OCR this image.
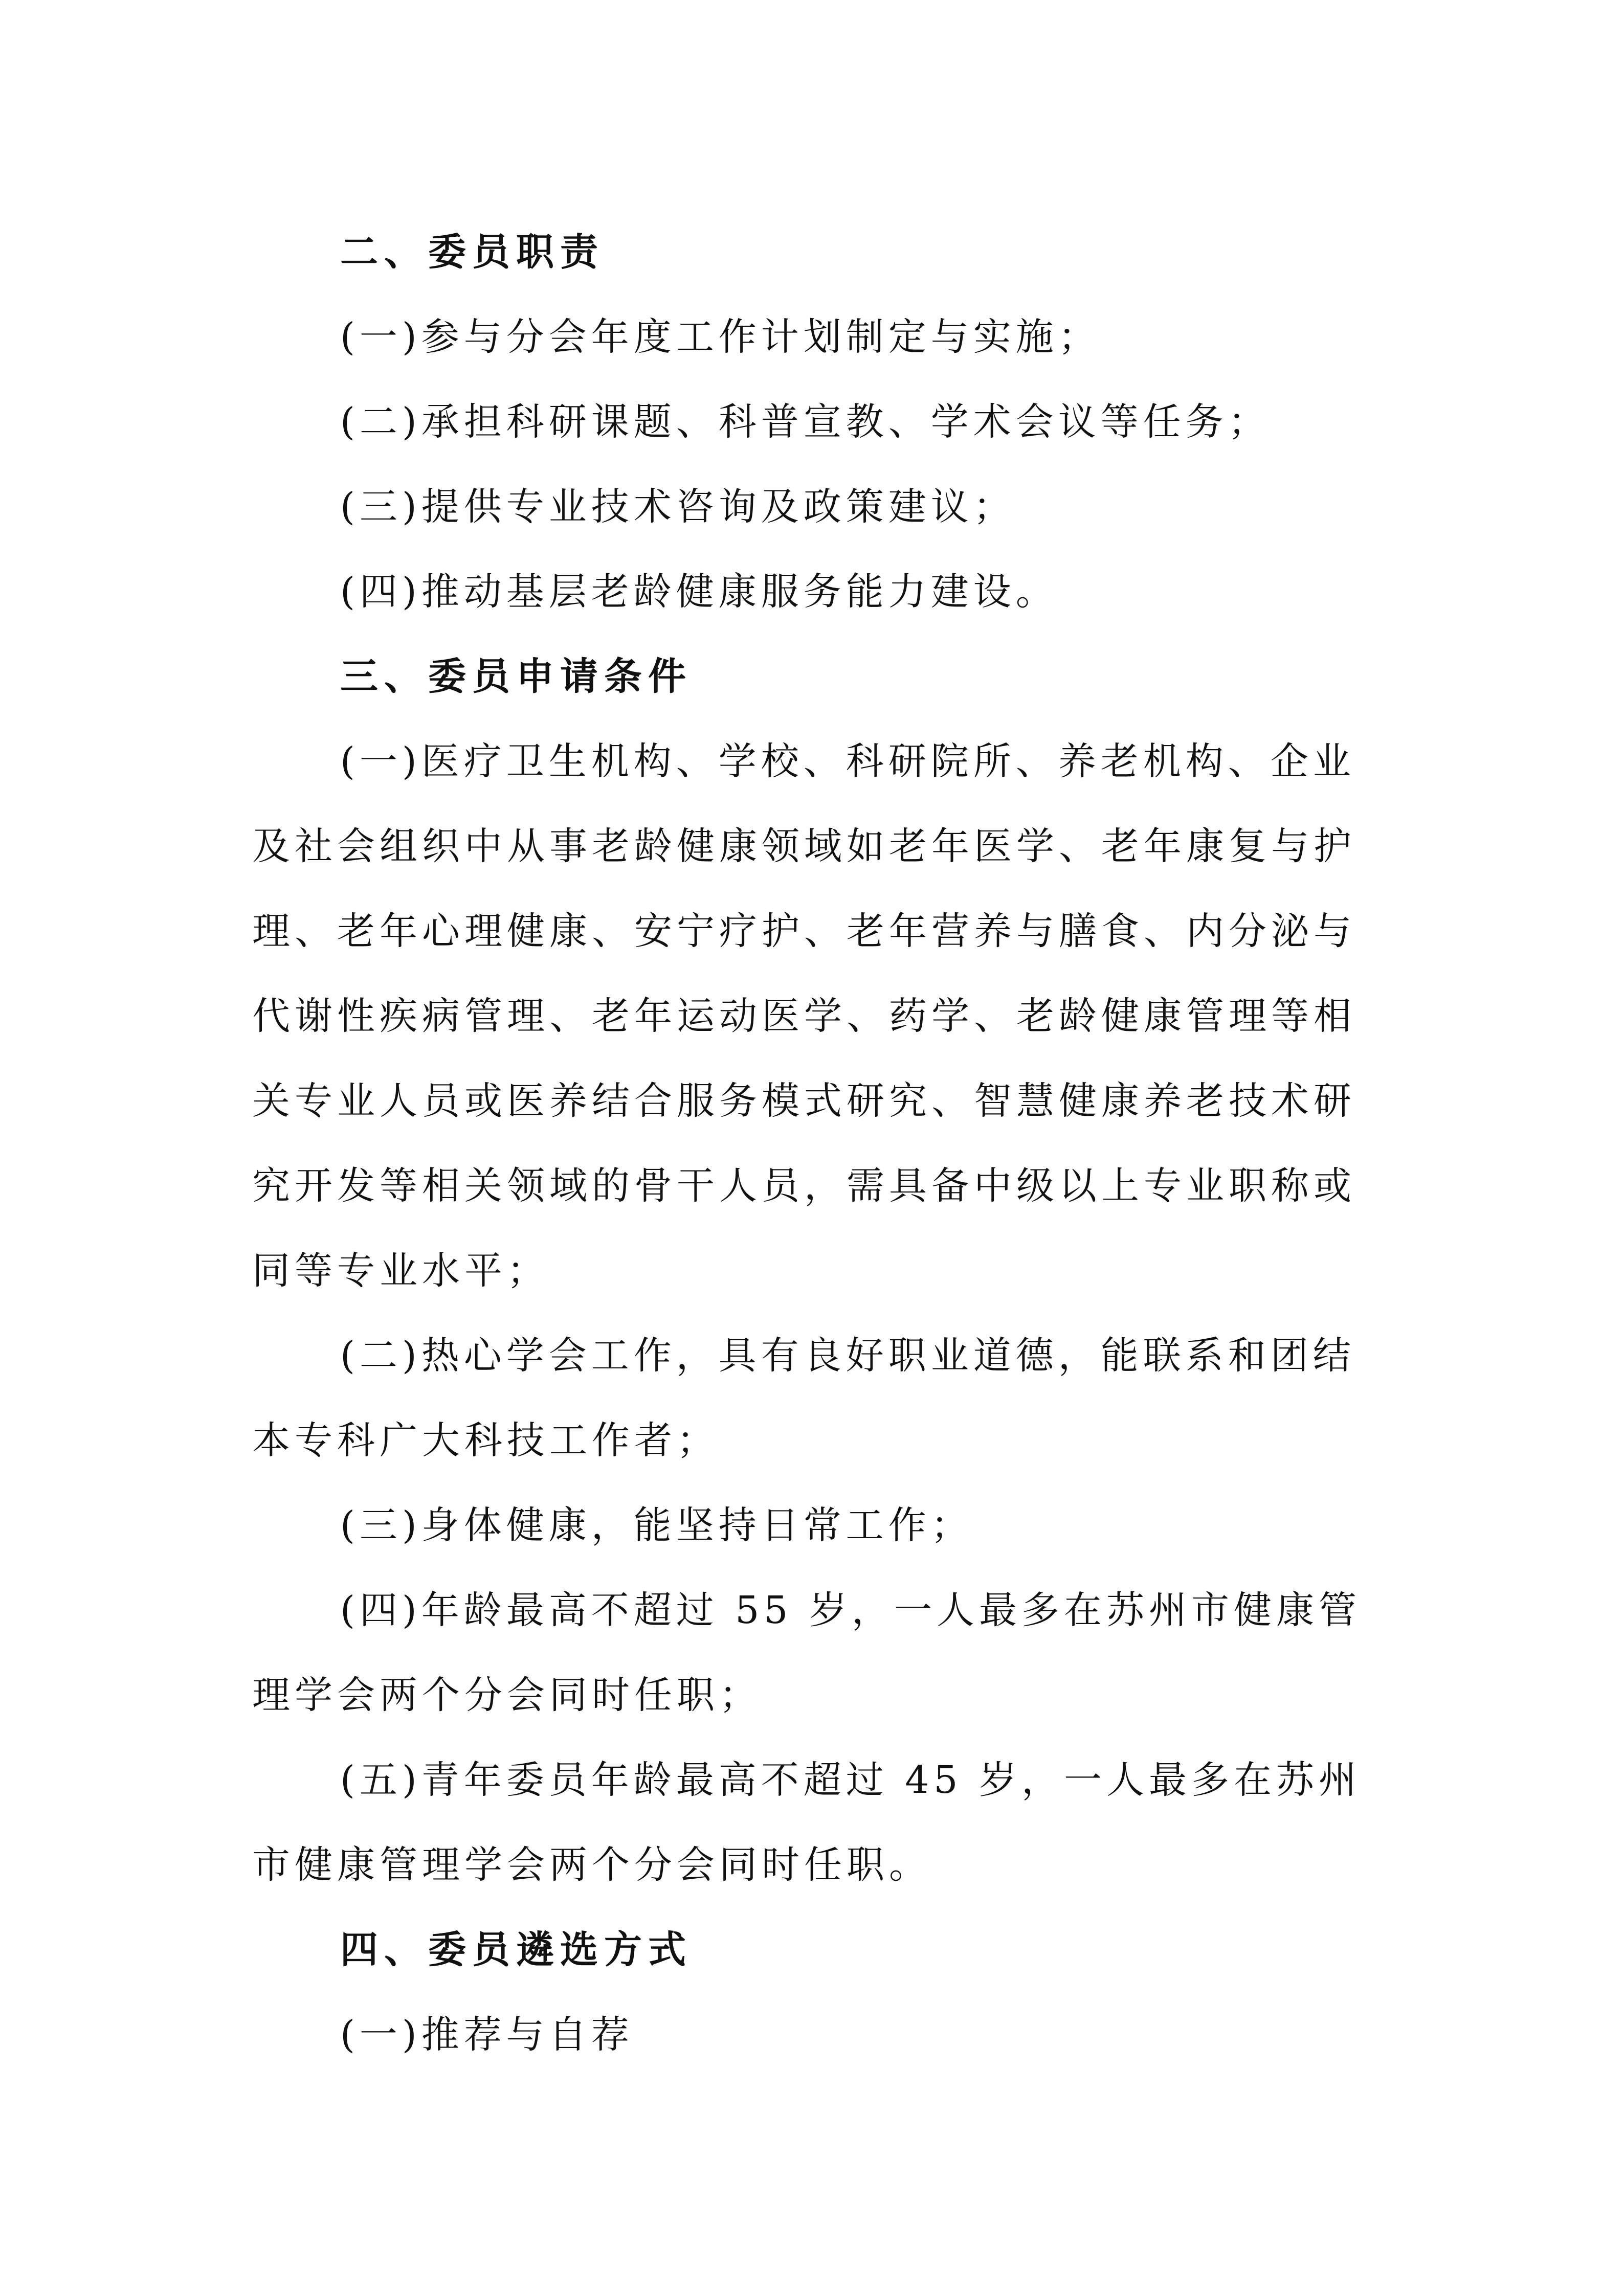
二、委员职责
(一)参与分会年度工作计划制定与实施；
(二)承担科研课题、科普宣教、学术会议等任务；
(三)提供专业技术咨询及政策建议；
(四)推动基层老龄健康服务能力建设。
三、委员申请条件
(一)医疗卫生机构、学校、科研院所、养老机构、企业
及社会组织中从事老龄健康领域如老年医学、老年康复与护
理、老年心理健康、安宁疗护、老年营养与膳食、内分泌与
代谢性疾病管理、老年运动医学、药学、老龄健康管理等相
关专业人员或医养结合服务模式研究、智慧健康养老技术研
究开发等相关领域的骨干人员，需具备中级以上专业职称或
同等专业水平；
(二)热心学会工作，具有良好职业道德，能联系和团结
本专科广大科技工作者；
(三)身体健康，能坚持日常工作；
(四)年龄最高不超过 55 岁，一人最多在苏州市健康管
理学会两个分会同时任职；
(五)青年委员年龄最高不超过 45 岁，一人最多在苏州
市健康管理学会两个分会同时任职。
四、委员遴选方式
(一)推荐与自荐
